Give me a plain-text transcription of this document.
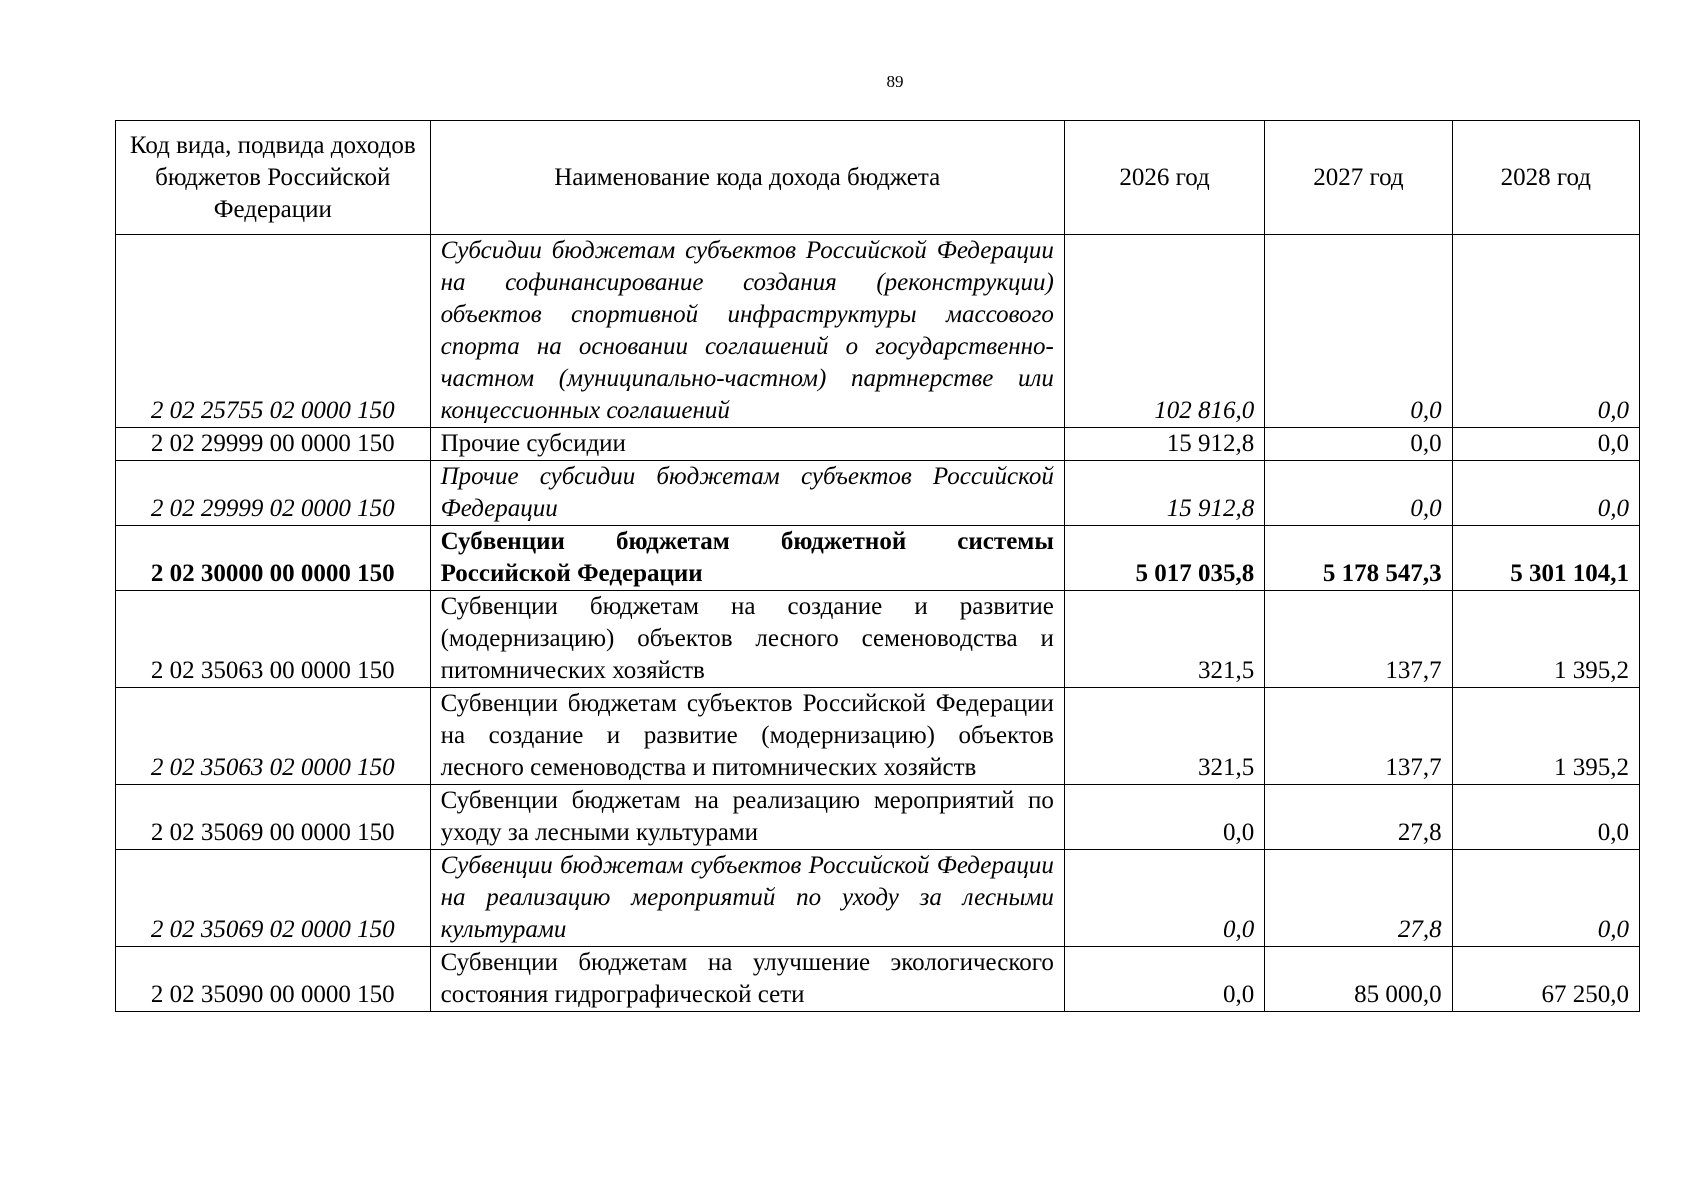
89
Код вида, подвида доходов бюджетов Российской Федерации	Наименование кода дохода бюджета	2026 год	2027 год	2028 год
2 02 25755 02 0000 150	Субсидии бюджетам субъектов Российской Федерации на софинансирование создания (реконструкции) объектов спортивной инфраструктуры массового спорта на основании соглашений о государственно-частном (муниципально-частном) партнерстве или концессионных соглашений	102 816,0	0,0	0,0
2 02 29999 00 0000 150	Прочие субсидии	15 912,8	0,0	0,0
2 02 29999 02 0000 150	Прочие субсидии бюджетам субъектов Российской Федерации	15 912,8	0,0	0,0
2 02 30000 00 0000 150	Субвенции бюджетам бюджетной системы Российской Федерации	5 017 035,8	5 178 547,3	5 301 104,1
2 02 35063 00 0000 150	Субвенции бюджетам на создание и развитие (модернизацию) объектов лесного семеноводства и питомнических хозяйств	321,5	137,7	1 395,2
2 02 35063 02 0000 150	Субвенции бюджетам субъектов Российской Федерации на создание и развитие (модернизацию) объектов лесного семеноводства и питомнических хозяйств	321,5	137,7	1 395,2
2 02 35069 00 0000 150	Субвенции бюджетам на реализацию мероприятий по уходу за лесными культурами	0,0	27,8	0,0
2 02 35069 02 0000 150	Субвенции бюджетам субъектов Российской Федерации на реализацию мероприятий по уходу за лесными культурами	0,0	27,8	0,0
2 02 35090 00 0000 150	Субвенции бюджетам на улучшение экологического состояния гидрографической сети	0,0	85 000,0	67 250,0
